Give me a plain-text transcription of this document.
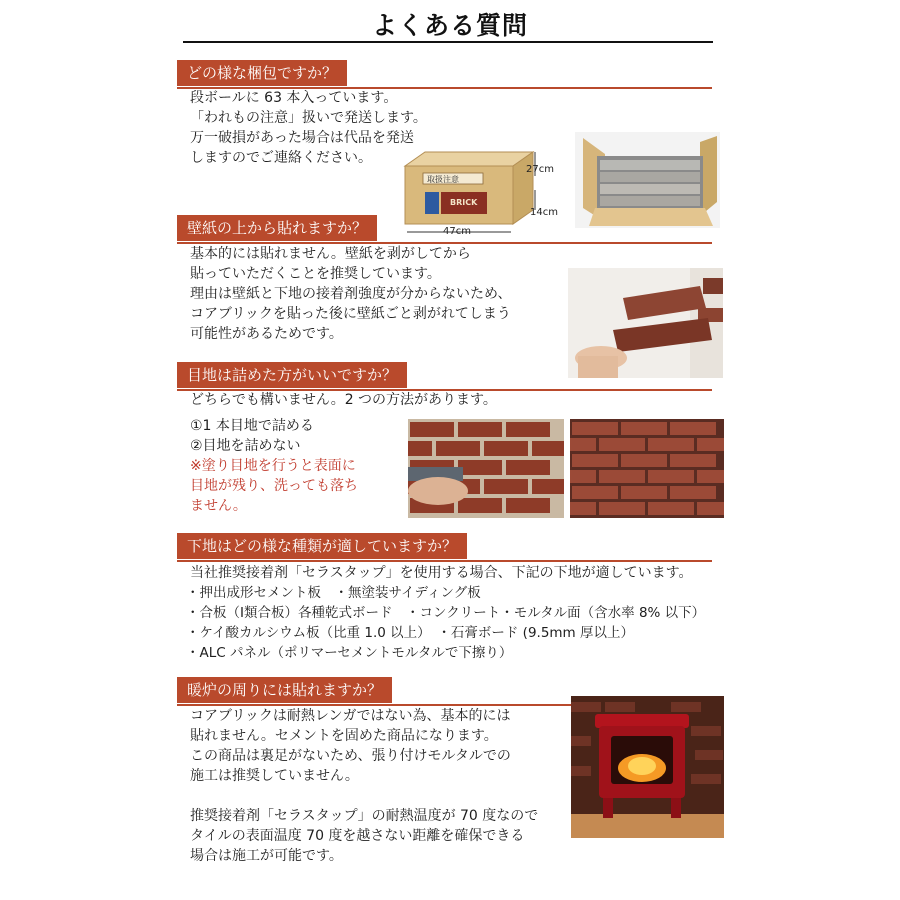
よくある質問
どの様な梱包ですか？
段ボールに 63 本入っています。
「われもの注意」扱いで発送します。
万一破損があった場合は代品を発送
しますのでご連絡ください。
取扱注意
BRICK
27cm
14cm
47cm
壁紙の上から貼れますか？
基本的には貼れません。壁紙を剥がしてから
貼っていただくことを推奨しています。
理由は壁紙と下地の接着剤強度が分からないため、
コアブリックを貼った後に壁紙ごと剥がれてしまう
可能性があるためです。
目地は詰めた方がいいですか？
どちらでも構いません。2 つの方法があります。
①1 本目地で詰める
②目地を詰めない
※塗り目地を行うと表面に
目地が残り、洗っても落ち
ません。
下地はどの様な種類が適していますか？
当社推奨接着剤「セラスタップ」を使用する場合、下記の下地が適しています。
・押出成形セメント板　・無塗装サイディング板
・合板（Ⅰ類合板）各種乾式ボード　・コンクリート・モルタル面（含水率 8% 以下）
・ケイ酸カルシウム板（比重 1.0 以上）　・石膏ボード (9.5mm 厚以上）
・ALC パネル（ポリマーセメントモルタルで下擦り）
暖炉の周りには貼れますか？
コアブリックは耐熱レンガではない為、基本的には
貼れません。セメントを固めた商品になります。
この商品は裏足がないため、張り付けモルタルでの
施工は推奨していません。
推奨接着剤「セラスタップ」の耐熱温度が 70 度なので
タイルの表面温度 70 度を越さない距離を確保できる
場合は施工が可能です。
